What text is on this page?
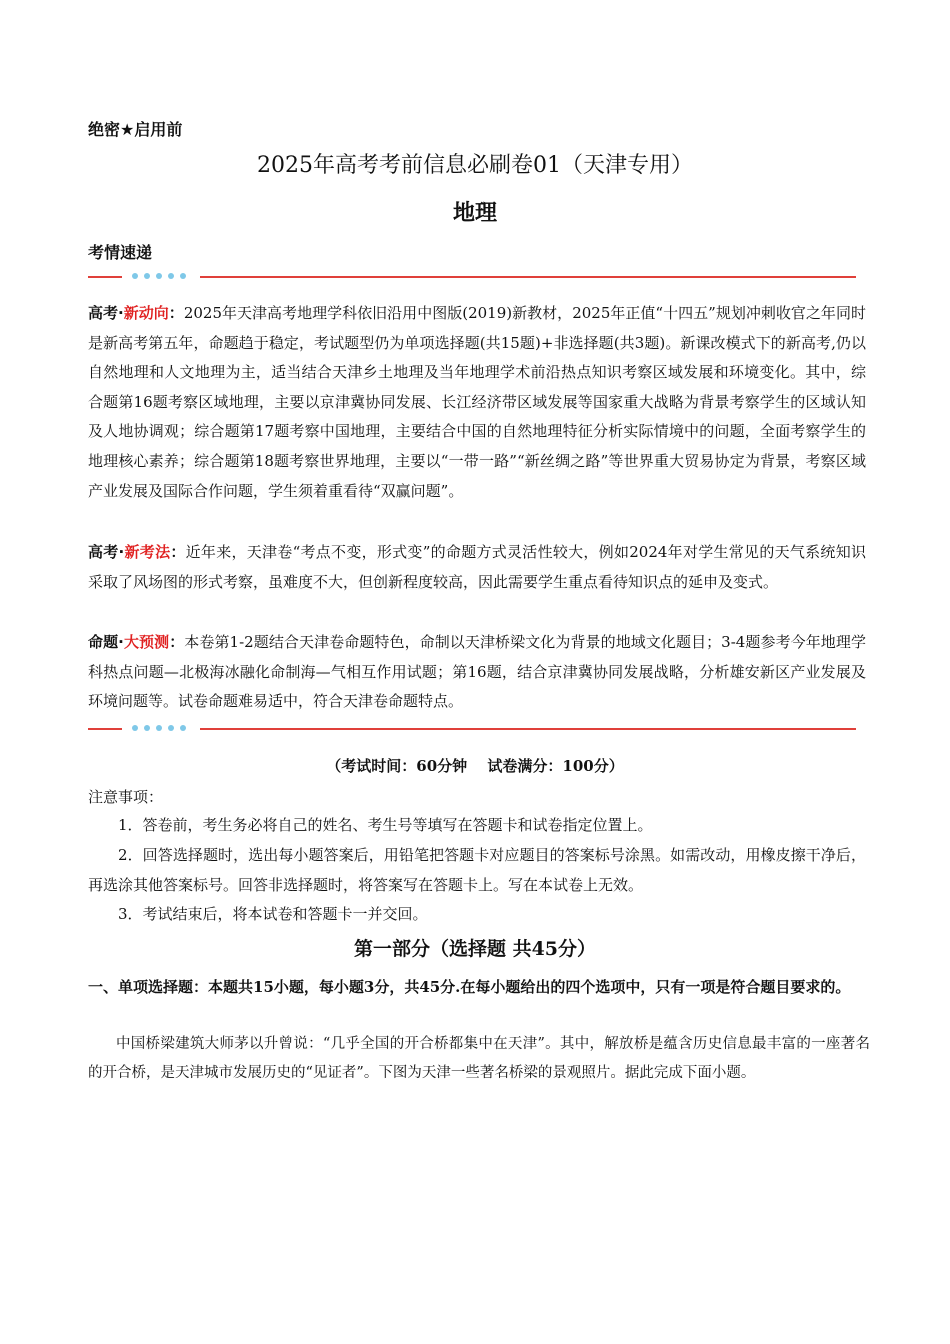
绝密★启用前
2025年高考考前信息必刷卷01（天津专用）
地理
考情速递
高考·新动向：2025年天津高考地理学科依旧沿用中图版(2019)新教材，2025年正值“十四五”规划冲刺收官之年同时是新高考第五年，命题趋于稳定，考试题型仍为单项选择题(共15题)+非选择题(共3题)。新课改模式下的新高考,仍以自然地理和人文地理为主，适当结合天津乡土地理及当年地理学术前沿热点知识考察区域发展和环境变化。其中，综合题第16题考察区域地理，主要以京津冀协同发展、长江经济带区域发展等国家重大战略为背景考察学生的区域认知及人地协调观；综合题第17题考察中国地理，主要结合中国的自然地理特征分析实际情境中的问题，全面考察学生的地理核心素养；综合题第18题考察世界地理，主要以“一带一路”“新丝绸之路”等世界重大贸易协定为背景，考察区域产业发展及国际合作问题，学生须着重看待“双赢问题”。
高考·新考法：近年来，天津卷“考点不变，形式变”的命题方式灵活性较大，例如2024年对学生常见的天气系统知识采取了风场图的形式考察，虽难度不大，但创新程度较高，因此需要学生重点看待知识点的延申及变式。
命题·大预测：本卷第1-2题结合天津卷命题特色，命制以天津桥梁文化为背景的地域文化题目；3-4题参考今年地理学科热点问题—北极海冰融化命制海—气相互作用试题；第16题，结合京津冀协同发展战略，分析雄安新区产业发展及环境问题等。试卷命题难易适中，符合天津卷命题特点。
（考试时间：60分钟　 试卷满分：100分）
注意事项：
1．答卷前，考生务必将自己的姓名、考生号等填写在答题卡和试卷指定位置上。
2．回答选择题时，选出每小题答案后，用铅笔把答题卡对应题目的答案标号涂黑。如需改动，用橡皮擦干净后，再选涂其他答案标号。回答非选择题时，将答案写在答题卡上。写在本试卷上无效。
3．考试结束后，将本试卷和答题卡一并交回。
第一部分（选择题 共45分）
一、单项选择题：本题共15小题，每小题3分，共45分.在每小题给出的四个选项中，只有一项是符合题目要求的。
中国桥梁建筑大师茅以升曾说：“几乎全国的开合桥都集中在天津”。其中，解放桥是蕴含历史信息最丰富的一座著名的开合桥，是天津城市发展历史的“见证者”。下图为天津一些著名桥梁的景观照片。据此完成下面小题。
